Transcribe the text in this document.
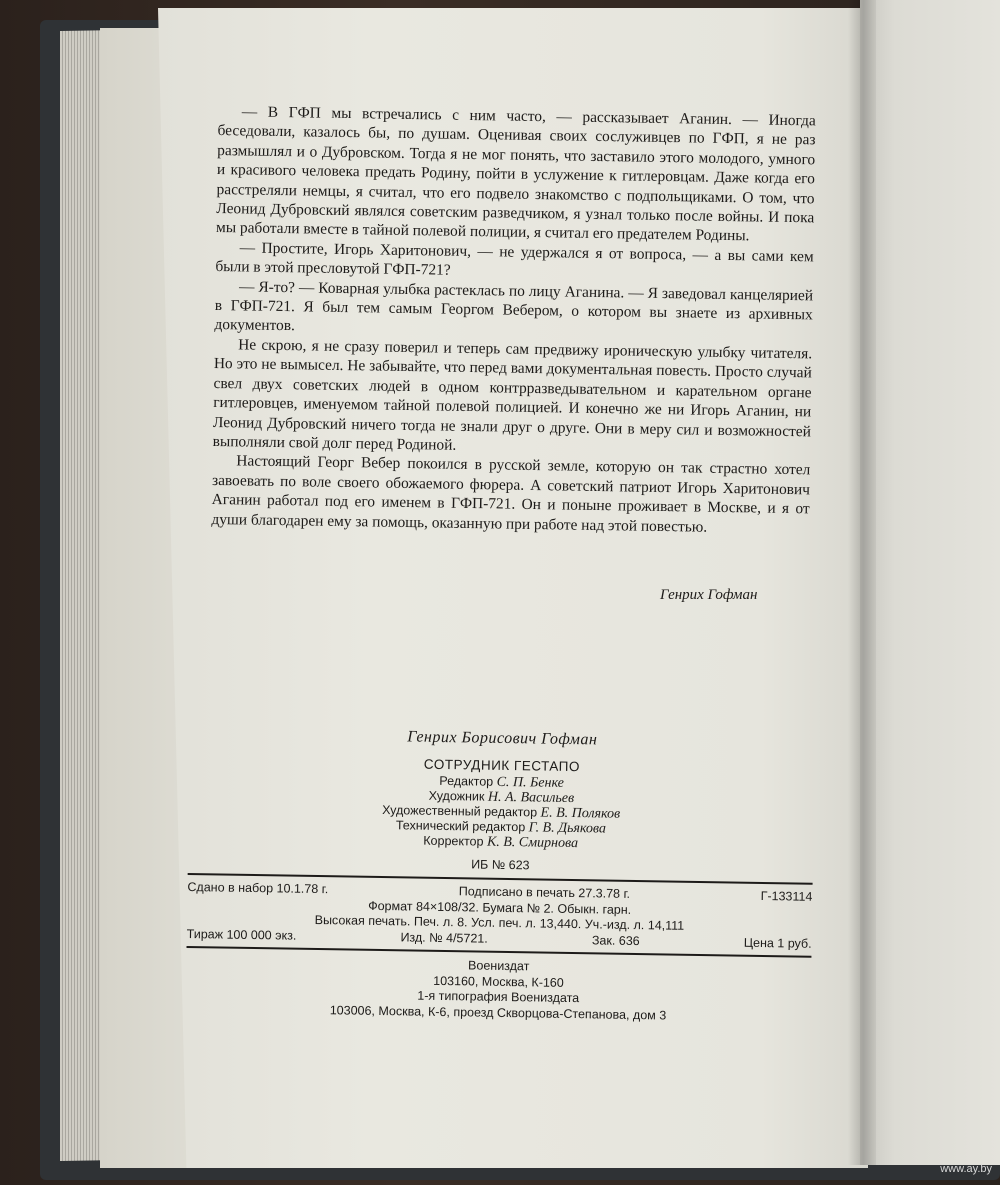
— В ГФП мы встречались с ним часто, — рассказывает Аганин. — Иногда беседовали, казалось бы, по душам. Оценивая своих сослуживцев по ГФП, я не раз размышлял и о Дубровском. Тогда я не мог понять, что заставило этого молодого, умного и красивого человека предать Родину, пойти в услужение к гитлеровцам. Даже когда его расстреляли немцы, я считал, что его подвело знакомство с подпольщиками. О том, что Леонид Дубровский являлся советским разведчиком, я узнал только после войны. И пока мы работали вместе в тайной полевой полиции, я считал его предателем Родины.

— Простите, Игорь Харитонович, — не удержался я от вопроса, — а вы сами кем были в этой пресловутой ГФП-721?

— Я-то? — Коварная улыбка растеклась по лицу Аганина. — Я заведовал канцелярией в ГФП-721. Я был тем самым Георгом Вебером, о котором вы знаете из архивных документов.

Не скрою, я не сразу поверил и теперь сам предвижу ироническую улыбку читателя. Но это не вымысел. Не забывайте, что перед вами документальная повесть. Просто случай свел двух советских людей в одном контрразведывательном и карательном органе гитлеровцев, именуемом тайной полевой полицией. И конечно же ни Игорь Аганин, ни Леонид Дубровский ничего тогда не знали друг о друге. Они в меру сил и возможностей выполняли свой долг перед Родиной.

Настоящий Георг Вебер покоился в русской земле, которую он так страстно хотел завоевать по воле своего обожаемого фюрера. А советский патриот Игорь Харитонович Аганин работал под его именем в ГФП-721. Он и поныне проживает в Москве, и я от души благодарен ему за помощь, оказанную при работе над этой повестью.

Генрих Гофман
Генрих Борисович Гофман
СОТРУДНИК ГЕСТАПО
Редактор С. П. Бенке
Художник Н. А. Васильев
Художественный редактор Е. В. Поляков
Технический редактор Г. В. Дьякова
Корректор К. В. Смирнова
ИБ № 623
Сдано в набор 10.1.78 г.	Подписано в печать 27.3.78 г.	Г-133114
Формат 84×108/32. Бумага № 2. Обыкн. гарн.
Высокая печать. Печ. л. 8. Усл. печ. л. 13,440. Уч.-изд. л. 14,111
Тираж 100 000 экз.	Изд. № 4/5721.	Зак. 636	Цена 1 руб.
Воениздат
103160, Москва, К-160
1-я типография Воениздата
103006, Москва, К-6, проезд Скворцова-Степанова, дом 3
www.ay.by
